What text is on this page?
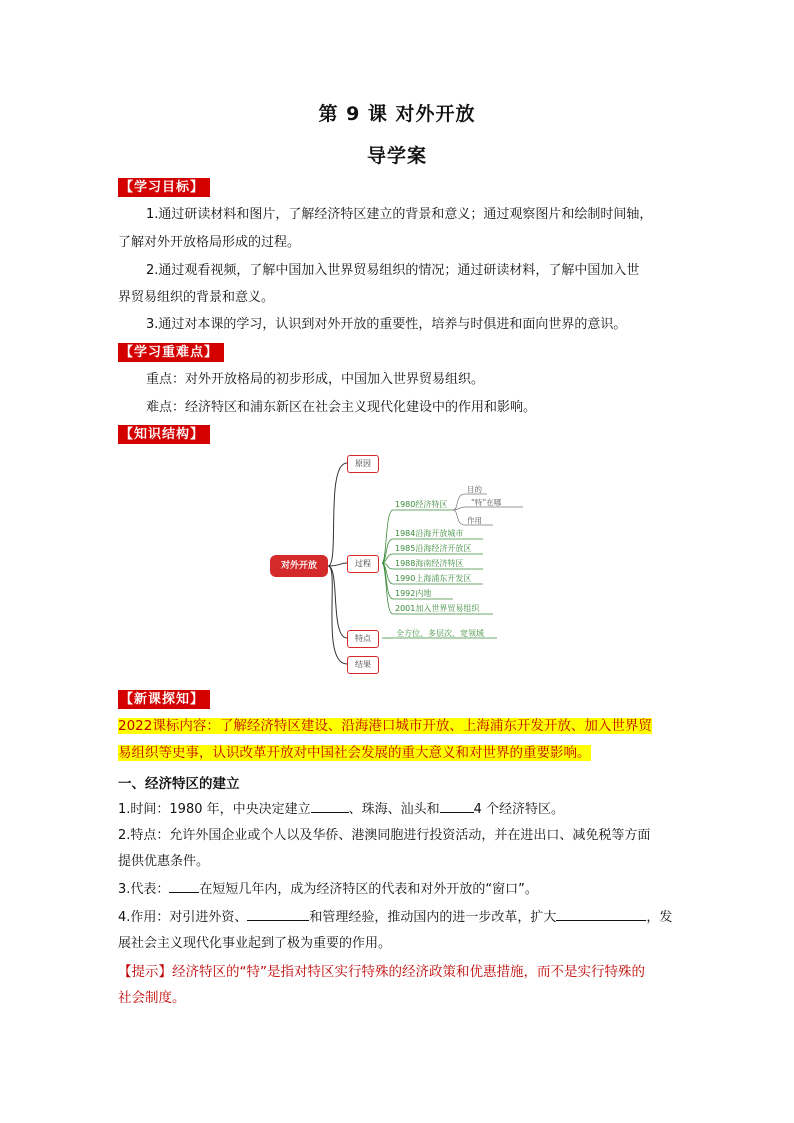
第 9 课 对外开放
导学案
【学习目标】
1.通过研读材料和图片，了解经济特区建立的背景和意义；通过观察图片和绘制时间轴，
了解对外开放格局形成的过程。
2.通过观看视频，了解中国加入世界贸易组织的情况；通过研读材料，了解中国加入世
界贸易组织的背景和意义。
3.通过对本课的学习，认识到对外开放的重要性，培养与时俱进和面向世界的意识。
【学习重难点】
重点：对外开放格局的初步形成，中国加入世界贸易组织。
难点：经济特区和浦东新区在社会主义现代化建设中的作用和影响。
【知识结构】
对外开放
原因
过程
特点
结果
1980经济特区
1984沿海开放城市
1985沿海经济开放区
1988海南经济特区
1990上海浦东开发区
1992内地
2001加入世界贸易组织
目的
“特”在哪
作用
全方位、多层次、宽领域
【新课探知】
2022课标内容：了解经济特区建设、沿海港口城市开放、上海浦东开发开放、加入世界贸
易组织等史事，认识改革开放对中国社会发展的重大意义和对世界的重要影响。
一、经济特区的建立
1.时间：1980 年，中央决定建立	、珠海、汕头和	4 个经济特区。
2.特点：允许外国企业或个人以及华侨、港澳同胞进行投资活动，并在进出口、减免税等方面
提供优惠条件。
3.代表： 在短短几年内，成为经济特区的代表和对外开放的“窗口”。
4.作用：对引进外资、	和管理经验，推动国内的进一步改革，扩大	，发
展社会主义现代化事业起到了极为重要的作用。
【提示】经济特区的“特”是指对特区实行特殊的经济政策和优惠措施，而不是实行特殊的
社会制度。
